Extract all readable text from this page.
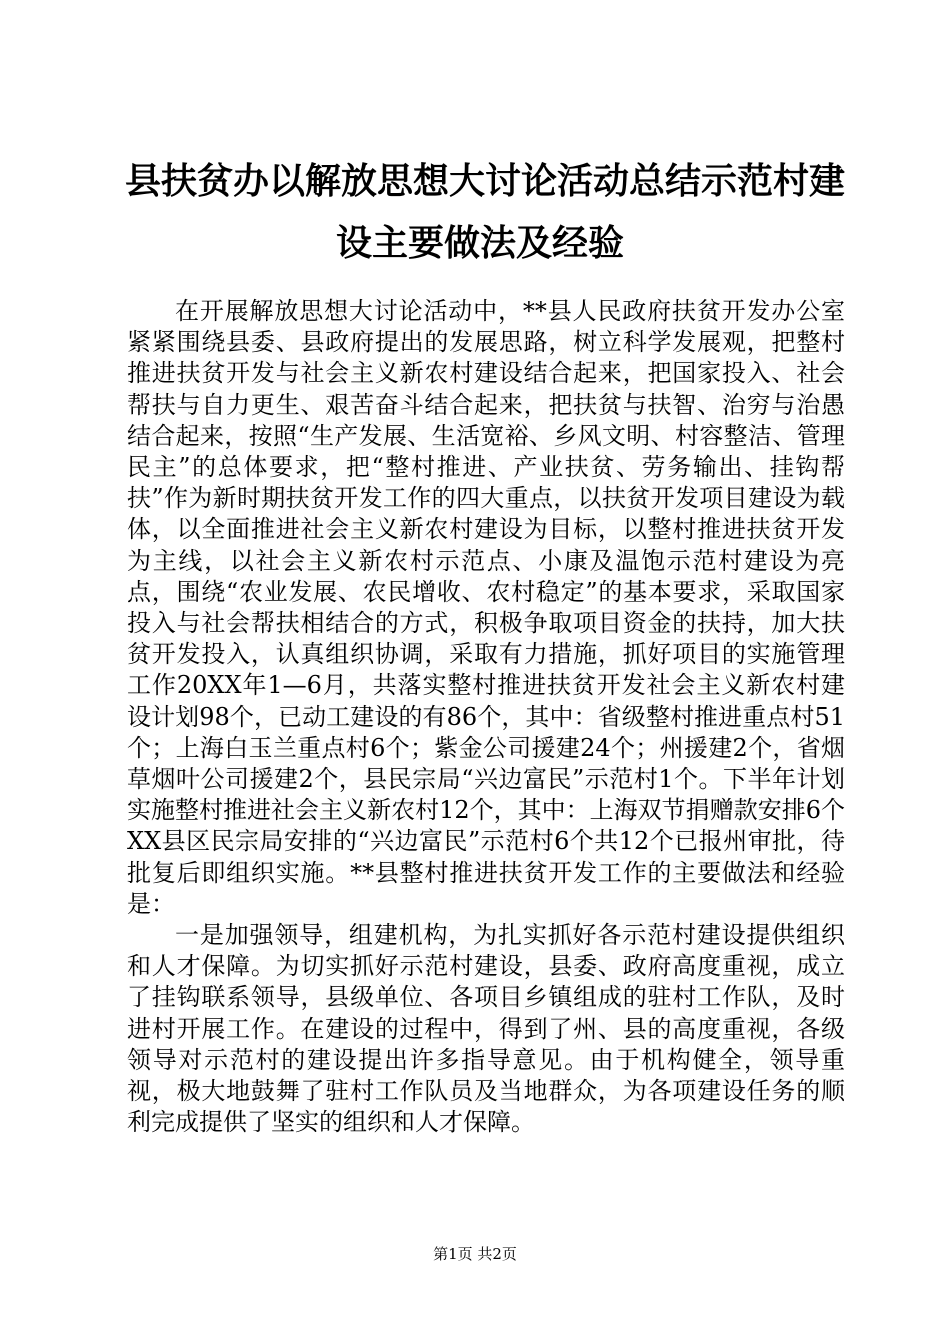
县扶贫办以解放思想大讨论活动总结示范村建
设主要做法及经验

在开展解放思想大讨论活动中，**县人民政府扶贫开发办公室紧紧围绕县委、县政府提出的发展思路，树立科学发展观，把整村推进扶贫开发与社会主义新农村建设结合起来，把国家投入、社会帮扶与自力更生、艰苦奋斗结合起来，把扶贫与扶智、治穷与治愚结合起来，按照“生产发展、生活宽裕、乡风文明、村容整洁、管理民主”的总体要求，把“整村推进、产业扶贫、劳务输出、挂钩帮扶”作为新时期扶贫开发工作的四大重点，以扶贫开发项目建设为载体，以全面推进社会主义新农村建设为目标，以整村推进扶贫开发为主线，以社会主义新农村示范点、小康及温饱示范村建设为亮点，围绕“农业发展、农民增收、农村稳定”的基本要求，采取国家投入与社会帮扶相结合的方式，积极争取项目资金的扶持，加大扶贫开发投入，认真组织协调，采取有力措施，抓好项目的实施管理工作20XX年1—6月，共落实整村推进扶贫开发社会主义新农村建设计划98个，已动工建设的有86个，其中：省级整村推进重点村51个；上海白玉兰重点村6个；紫金公司援建24个；州援建2个，省烟草烟叶公司援建2个，县民宗局“兴边富民”示范村1个。下半年计划实施整村推进社会主义新农村12个，其中：上海双节捐赠款安排6个XX县区民宗局安排的“兴边富民”示范村6个共12个已报州审批，待批复后即组织实施。**县整村推进扶贫开发工作的主要做法和经验是：

一是加强领导，组建机构，为扎实抓好各示范村建设提供组织和人才保障。为切实抓好示范村建设，县委、政府高度重视，成立了挂钩联系领导，县级单位、各项目乡镇组成的驻村工作队，及时进村开展工作。在建设的过程中，得到了州、县的高度重视，各级领导对示范村的建设提出许多指导意见。由于机构健全，领导重视，极大地鼓舞了驻村工作队员及当地群众，为各项建设任务的顺利完成提供了坚实的组织和人才保障。

第1页 共2页
